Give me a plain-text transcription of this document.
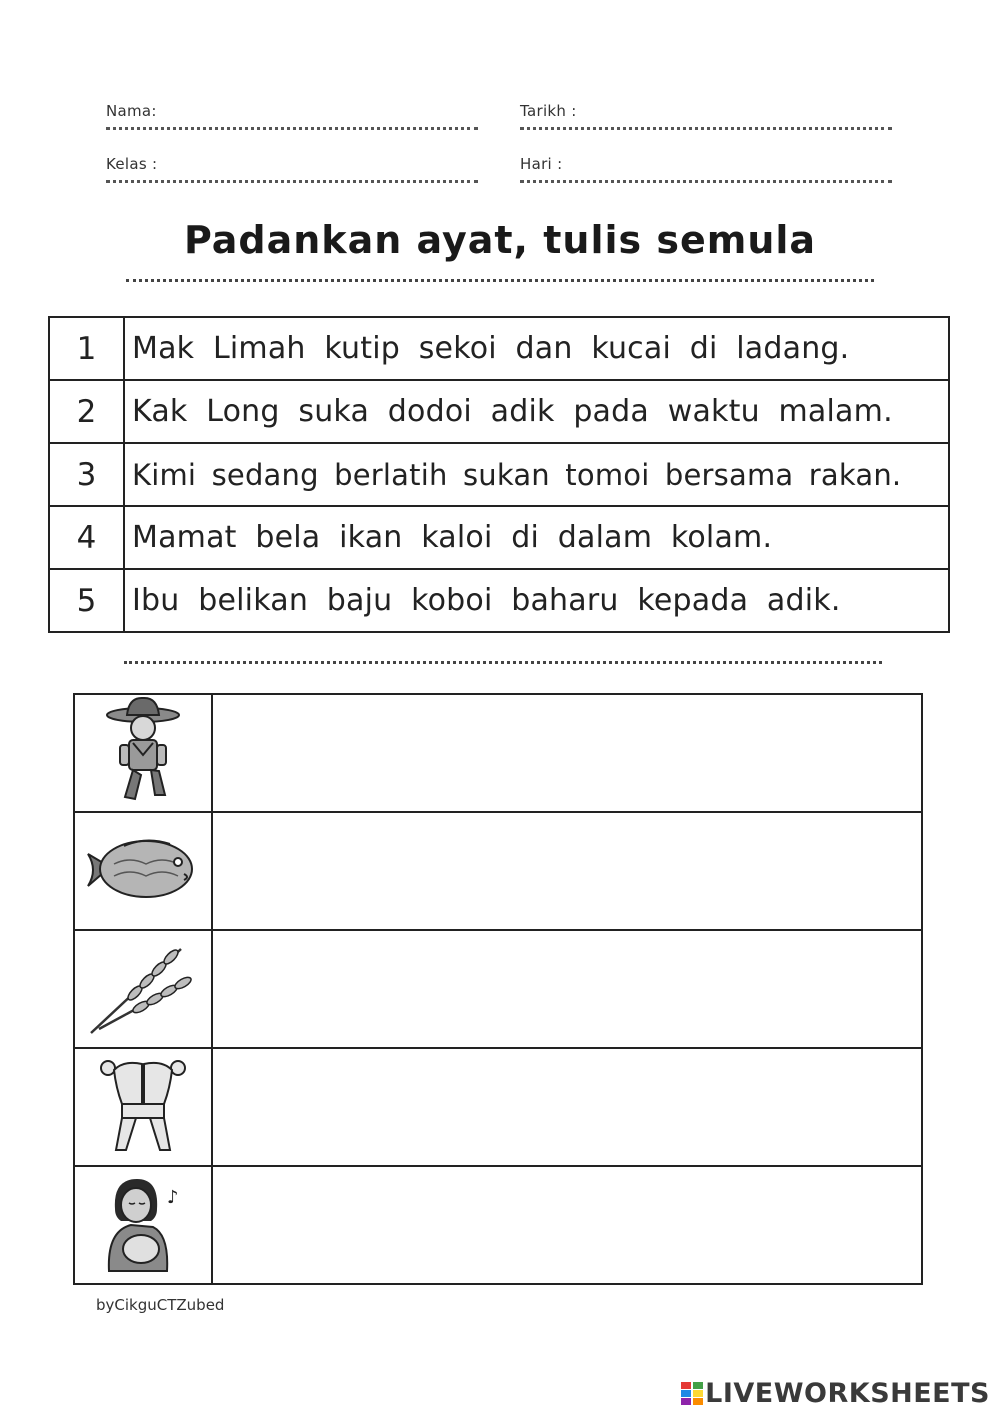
Nama:	Tarikh :
Kelas :	Hari :
Padankan ayat, tulis semula
1	Mak Limah kutip sekoi dan kucai di ladang.
2	Kak Long suka dodoi adik pada waktu malam.
3	Kimi sedang berlatih sukan tomoi bersama rakan.
4	Mamat bela ikan kaloi di dalam kolam.
5	Ibu belikan baju koboi baharu kepada adik.

♪	

byCikguCTZubed
LIVEWORKSHEETS
